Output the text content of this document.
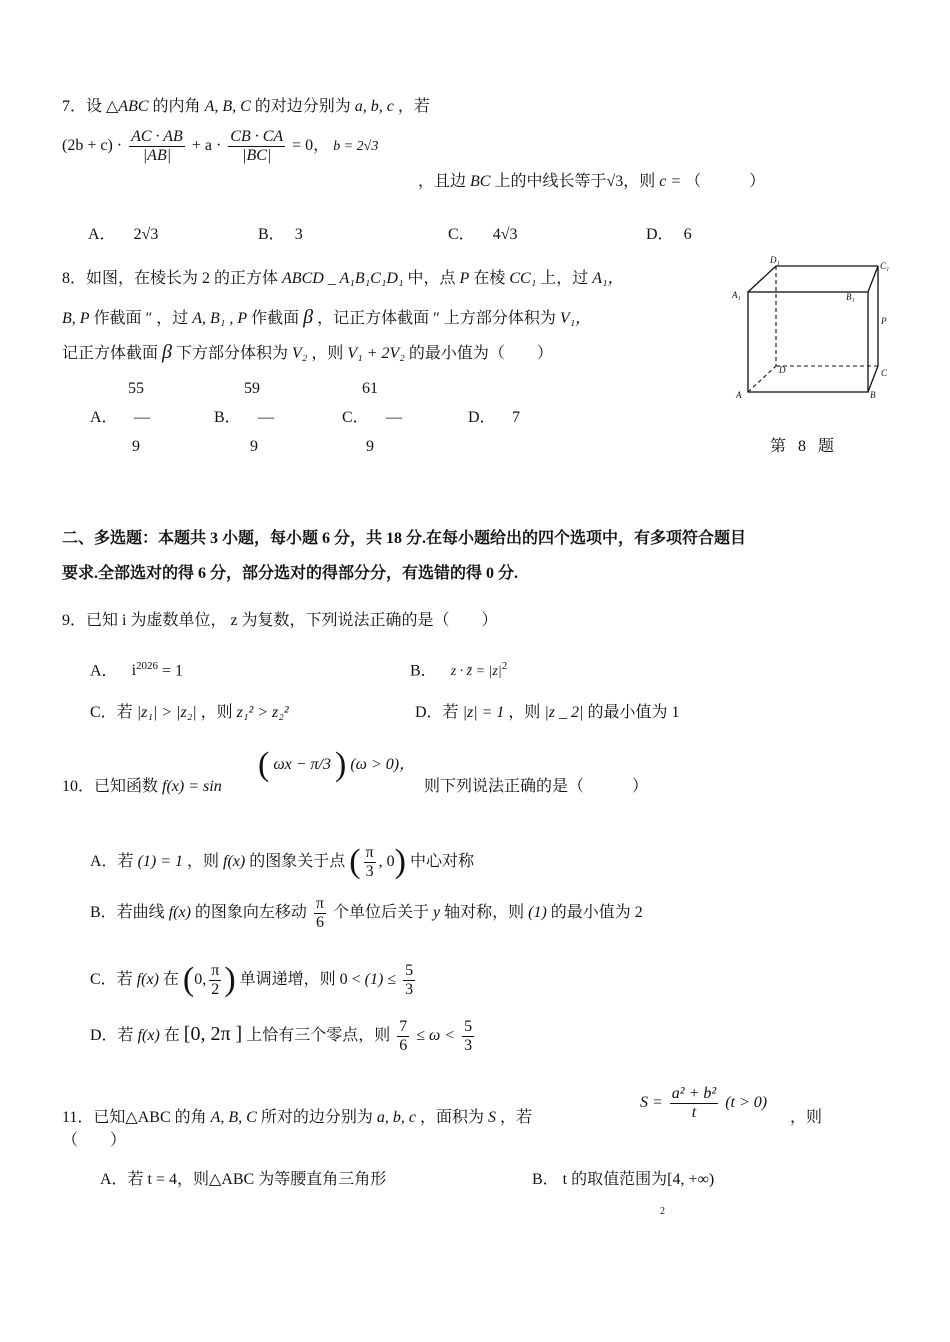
7．设 △ABC 的内角 A, B, C 的对边分别为 a, b, c ，若
$(2b + c) \cdot \frac{AC \cdot AB}{|AB|} + a \cdot \frac{CB \cdot CA}{|BC|} = 0$， b = 2√3
，且边 BC 上的中线长等于√3，则 c = （　　　）
A． 2√3	B． 3	C． 4√3	D． 6
8．如图，在棱长为 2 的正方体 ABCD _ A₁B₁C₁D₁ 中，点 P 在棱 CC₁ 上，过 A₁，
B, P 作截面 ″ ，过 A, B₁ , P 作截面 β ，记正方体截面 ″ 上方部分体积为 V₁，
记正方体截面 β 下方部分体积为 V₂ ，则 V₁ + 2V₂ 的最小值为（　　）
55	59	61
A． —	B． —	C． —	D． 7
9	9	9
D₁
C₁
A₁	B₁
P
D	C
A	B
第 8 题
二、多选题：本题共 3 小题，每小题 6 分，共 18 分.在每小题给出的四个选项中，有多项符合题目
要求.全部选对的得 6 分，部分选对的得部分分，有选错的得 0 分.
9．已知 i 为虚数单位， z 为复数，下列说法正确的是（　　）
A． $i^{2026} = 1$	B． z · z̄ = $|z|^2$
C．若 |z₁| > |z₂| ，则 z₁² > z₂²	D．若 |z| = 1 ，则 |z _ 2| 的最小值为 1
10．已知函数 f(x) = sin
( ωx − π/3 ) (ω > 0)，
则下列说法正确的是（　　　）
A．若 (1) = 1 ，则 f(x) 的图象关于点 ( $\frac{\pi}{3}$ , 0) 中心对称
B．若曲线 f(x) 的图象向左移动 $\frac{\pi}{6}$ 个单位后关于 y 轴对称，则 (1) 的最小值为 2
C．若 f(x) 在 (0, $\frac{\pi}{2}$ ) 单调递增，则 $0 < (1) \le \frac{5}{3}$
D．若 f(x) 在 [0, 2π ] 上恰有三个零点，则 $\frac{7}{6} \le \omega < \frac{5}{3}$
11．已知△ABC 的角 A, B, C 所对的边分别为 a, b, c ，面积为 S ，若
$S = \frac{\text{a² + b²}}{t} (t > 0)$
，则
（　　）
A．若 t = 4，则△ABC 为等腰直角三角形	B． t 的取值范围为[4, +∞)
2
